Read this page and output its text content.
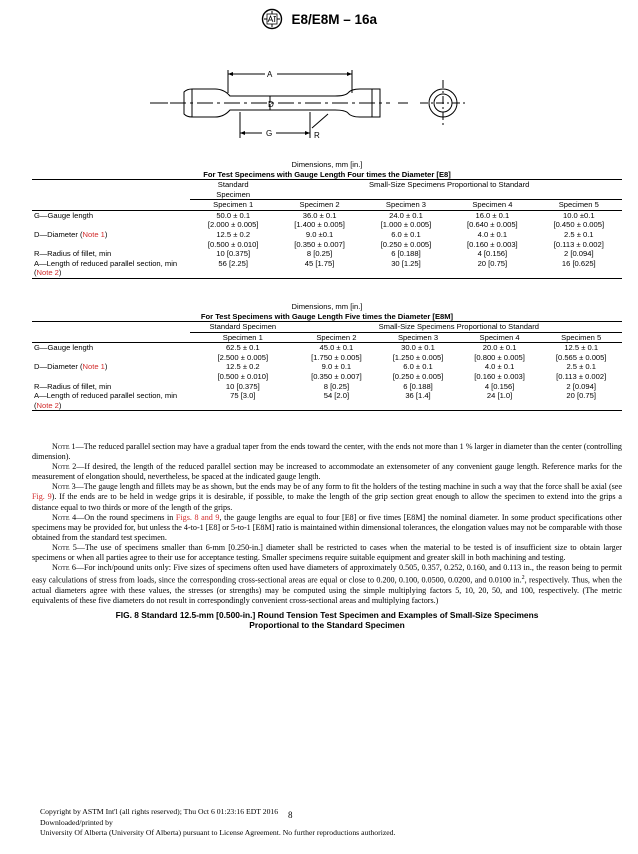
E8/E8M – 16a
A
D
G	R
Dimensions, mm [in.]
For Test Specimens with Gauge Length Four times the Diameter [E8]
	Standard
Specimen	Small-Size Specimens Proportional to Standard			
	Specimen 1	Specimen 2	Specimen 3	Specimen 4	Specimen 5
G—Gauge length	50.0 ± 0.1	36.0 ± 0.1	24.0 ± 0.1	16.0 ± 0.1	10.0 ±0.1
	[2.000 ± 0.005]	[1.400 ± 0.005]	[1.000 ± 0.005]	[0.640 ± 0.005]	[0.450 ± 0.005]
D—Diameter (Note 1)	12.5 ± 0.2	9.0 ±0.1	6.0 ± 0.1	4.0 ± 0.1	2.5 ± 0.1
	[0.500 ± 0.010]	[0.350 ± 0.007]	[0.250 ± 0.005]	[0.160 ± 0.003]	[0.113 ± 0.002]
R—Radius of fillet, min	10 [0.375]	8 [0.25]	6 [0.188]	4 [0.156]	2 [0.094]
A—Length of reduced parallel section, min	56 [2.25]	45 [1.75]	30 [1.25]	20 [0.75]	16 [0.625]
(Note 2)					
Dimensions, mm [in.]
For Test Specimens with Gauge Length Five times the Diameter [E8M]
	Standard Specimen	Small-Size Specimens Proportional to Standard			
	Specimen 1	Specimen 2	Specimen 3	Specimen 4	Specimen 5
G—Gauge length	62.5 ± 0.1	45.0 ± 0.1	30.0 ± 0.1	20.0 ± 0.1	12.5 ± 0.1
	[2.500 ± 0.005]	[1.750 ± 0.005]	[1.250 ± 0.005]	[0.800 ± 0.005]	[0.565 ± 0.005]
D—Diameter (Note 1)	12.5 ± 0.2	9.0 ± 0.1	6.0 ± 0.1	4.0 ± 0.1	2.5 ± 0.1
	[0.500 ± 0.010]	[0.350 ± 0.007]	[0.250 ± 0.005]	[0.160 ± 0.003]	[0.113 ± 0.002]
R—Radius of fillet, min	10 [0.375]	8 [0.25]	6 [0.188]	4 [0.156]	2 [0.094]
A—Length of reduced parallel section, min	75 [3.0]	54 [2.0]	36 [1.4]	24 [1.0]	20 [0.75]
(Note 2)					

Note 1—The reduced parallel section may have a gradual taper from the ends toward the center, with the ends not more than 1 % larger in diameter than the center (controlling dimension).

Note 2—If desired, the length of the reduced parallel section may be increased to accommodate an extensometer of any convenient gauge length. Reference marks for the measurement of elongation should, nevertheless, be spaced at the indicated gauge length.

Note 3—The gauge length and fillets may be as shown, but the ends may be of any form to fit the holders of the testing machine in such a way that the force shall be axial (see Fig. 9). If the ends are to be held in wedge grips it is desirable, if possible, to make the length of the grip section great enough to allow the specimen to extend into the grips a distance equal to two thirds or more of the length of the grips.

Note 4—On the round specimens in Figs. 8 and 9, the gauge lengths are equal to four [E8] or five times [E8M] the nominal diameter. In some product specifications other specimens may be provided for, but unless the 4-to-1 [E8] or 5-to-1 [E8M] ratio is maintained within dimensional tolerances, the elongation values may not be comparable with those obtained from the standard test specimen.

Note 5—The use of specimens smaller than 6-mm [0.250-in.] diameter shall be restricted to cases when the material to be tested is of insufficient size to obtain larger specimens or when all parties agree to their use for acceptance testing. Smaller specimens require suitable equipment and greater skill in both machining and testing.

Note 6—For inch/pound units only: Five sizes of specimens often used have diameters of approximately 0.505, 0.357, 0.252, 0.160, and 0.113 in., the reason being to permit easy calculations of stress from loads, since the corresponding cross-sectional areas are equal or close to 0.200, 0.100, 0.0500, 0.0200, and 0.0100 in.$^2$, respectively. Thus, when the actual diameters agree with these values, the stresses (or strengths) may be computed using the simple multiplying factors 5, 10, 20, 50, and 100, respectively. (The metric equivalents of these five diameters do not result in correspondingly convenient cross-sectional areas and multiplying factors.)

FIG. 8 Standard 12.5-mm [0.500-in.] Round Tension Test Specimen and Examples of Small-Size Specimens
Proportional to the Standard Specimen
Copyright by ASTM Int'l (all rights reserved); Thu Oct 6 01:23:16 EDT 2016 8
Downloaded/printed by
University Of Alberta (University Of Alberta) pursuant to License Agreement. No further reproductions authorized.
